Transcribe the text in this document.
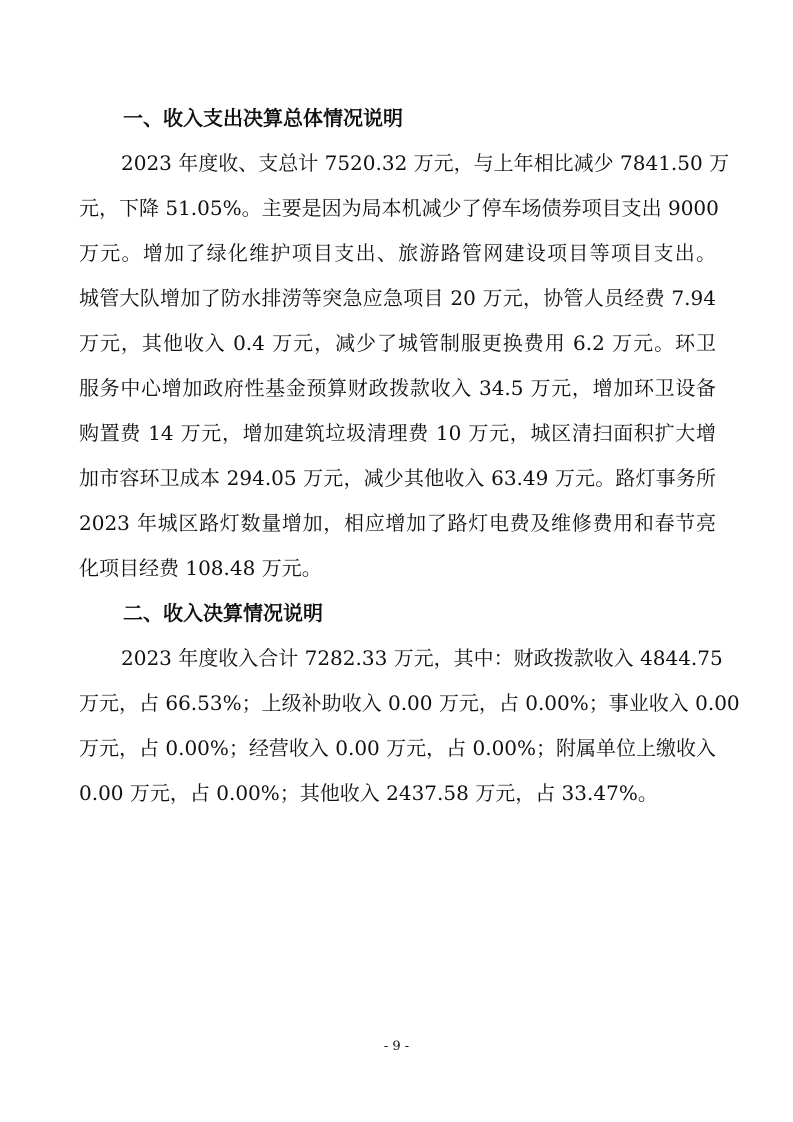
一、收入支出决算总体情况说明
2023 年度收、支总计 7520.32 万元，与上年相比减少 7841.50 万
元，下降 51.05%。主要是因为局本机减少了停车场债券项目支出 9000
万元。增加了绿化维护项目支出、旅游路管网建设项目等项目支出。
城管大队增加了防水排涝等突急应急项目 20 万元，协管人员经费 7.94
万元，其他收入 0.4 万元，减少了城管制服更换费用 6.2 万元。环卫
服务中心增加政府性基金预算财政拨款收入 34.5 万元，增加环卫设备
购置费 14 万元，增加建筑垃圾清理费 10 万元，城区清扫面积扩大增
加市容环卫成本 294.05 万元，减少其他收入 63.49 万元。路灯事务所
2023 年城区路灯数量增加，相应增加了路灯电费及维修费用和春节亮
化项目经费 108.48 万元。
二、收入决算情况说明
2023 年度收入合计 7282.33 万元，其中：财政拨款收入 4844.75
万元，占 66.53%；上级补助收入 0.00 万元，占 0.00%；事业收入 0.00
万元，占 0.00%；经营收入 0.00 万元，占 0.00%；附属单位上缴收入
0.00 万元，占 0.00%；其他收入 2437.58 万元，占 33.47%。
- 9 -
